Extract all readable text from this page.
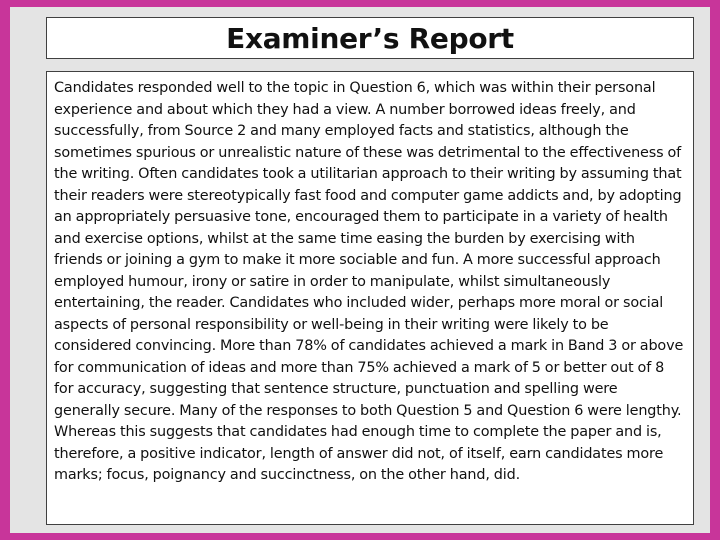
Examiner’s Report

Candidates responded well to the topic in Question 6, which was within their personal experience and about which they had a view. A number borrowed ideas freely, and successfully, from Source 2 and many employed facts and statistics, although the sometimes spurious or unrealistic nature of these was detrimental to the effectiveness of the writing. Often candidates took a utilitarian approach to their writing by assuming that their readers were stereotypically fast food and computer game addicts and, by adopting an appropriately persuasive tone, encouraged them to participate in a variety of health and exercise options, whilst at the same time easing the burden by exercising with friends or joining a gym to make it more sociable and fun. A more successful approach employed humour, irony or satire in order to manipulate, whilst simultaneously entertaining, the reader. Candidates who included wider, perhaps more moral or social aspects of personal responsibility or well-being in their writing were likely to be considered convincing. More than 78% of candidates achieved a mark in Band 3 or above for communication of ideas and more than 75% achieved a mark of 5 or better out of 8 for accuracy, suggesting that sentence structure, punctuation and spelling were generally secure. Many of the responses to both Question 5 and Question 6 were lengthy. Whereas this suggests that candidates had enough time to complete the paper and is, therefore, a positive indicator, length of answer did not, of itself, earn candidates more marks; focus, poignancy and succinctness, on the other hand, did.
